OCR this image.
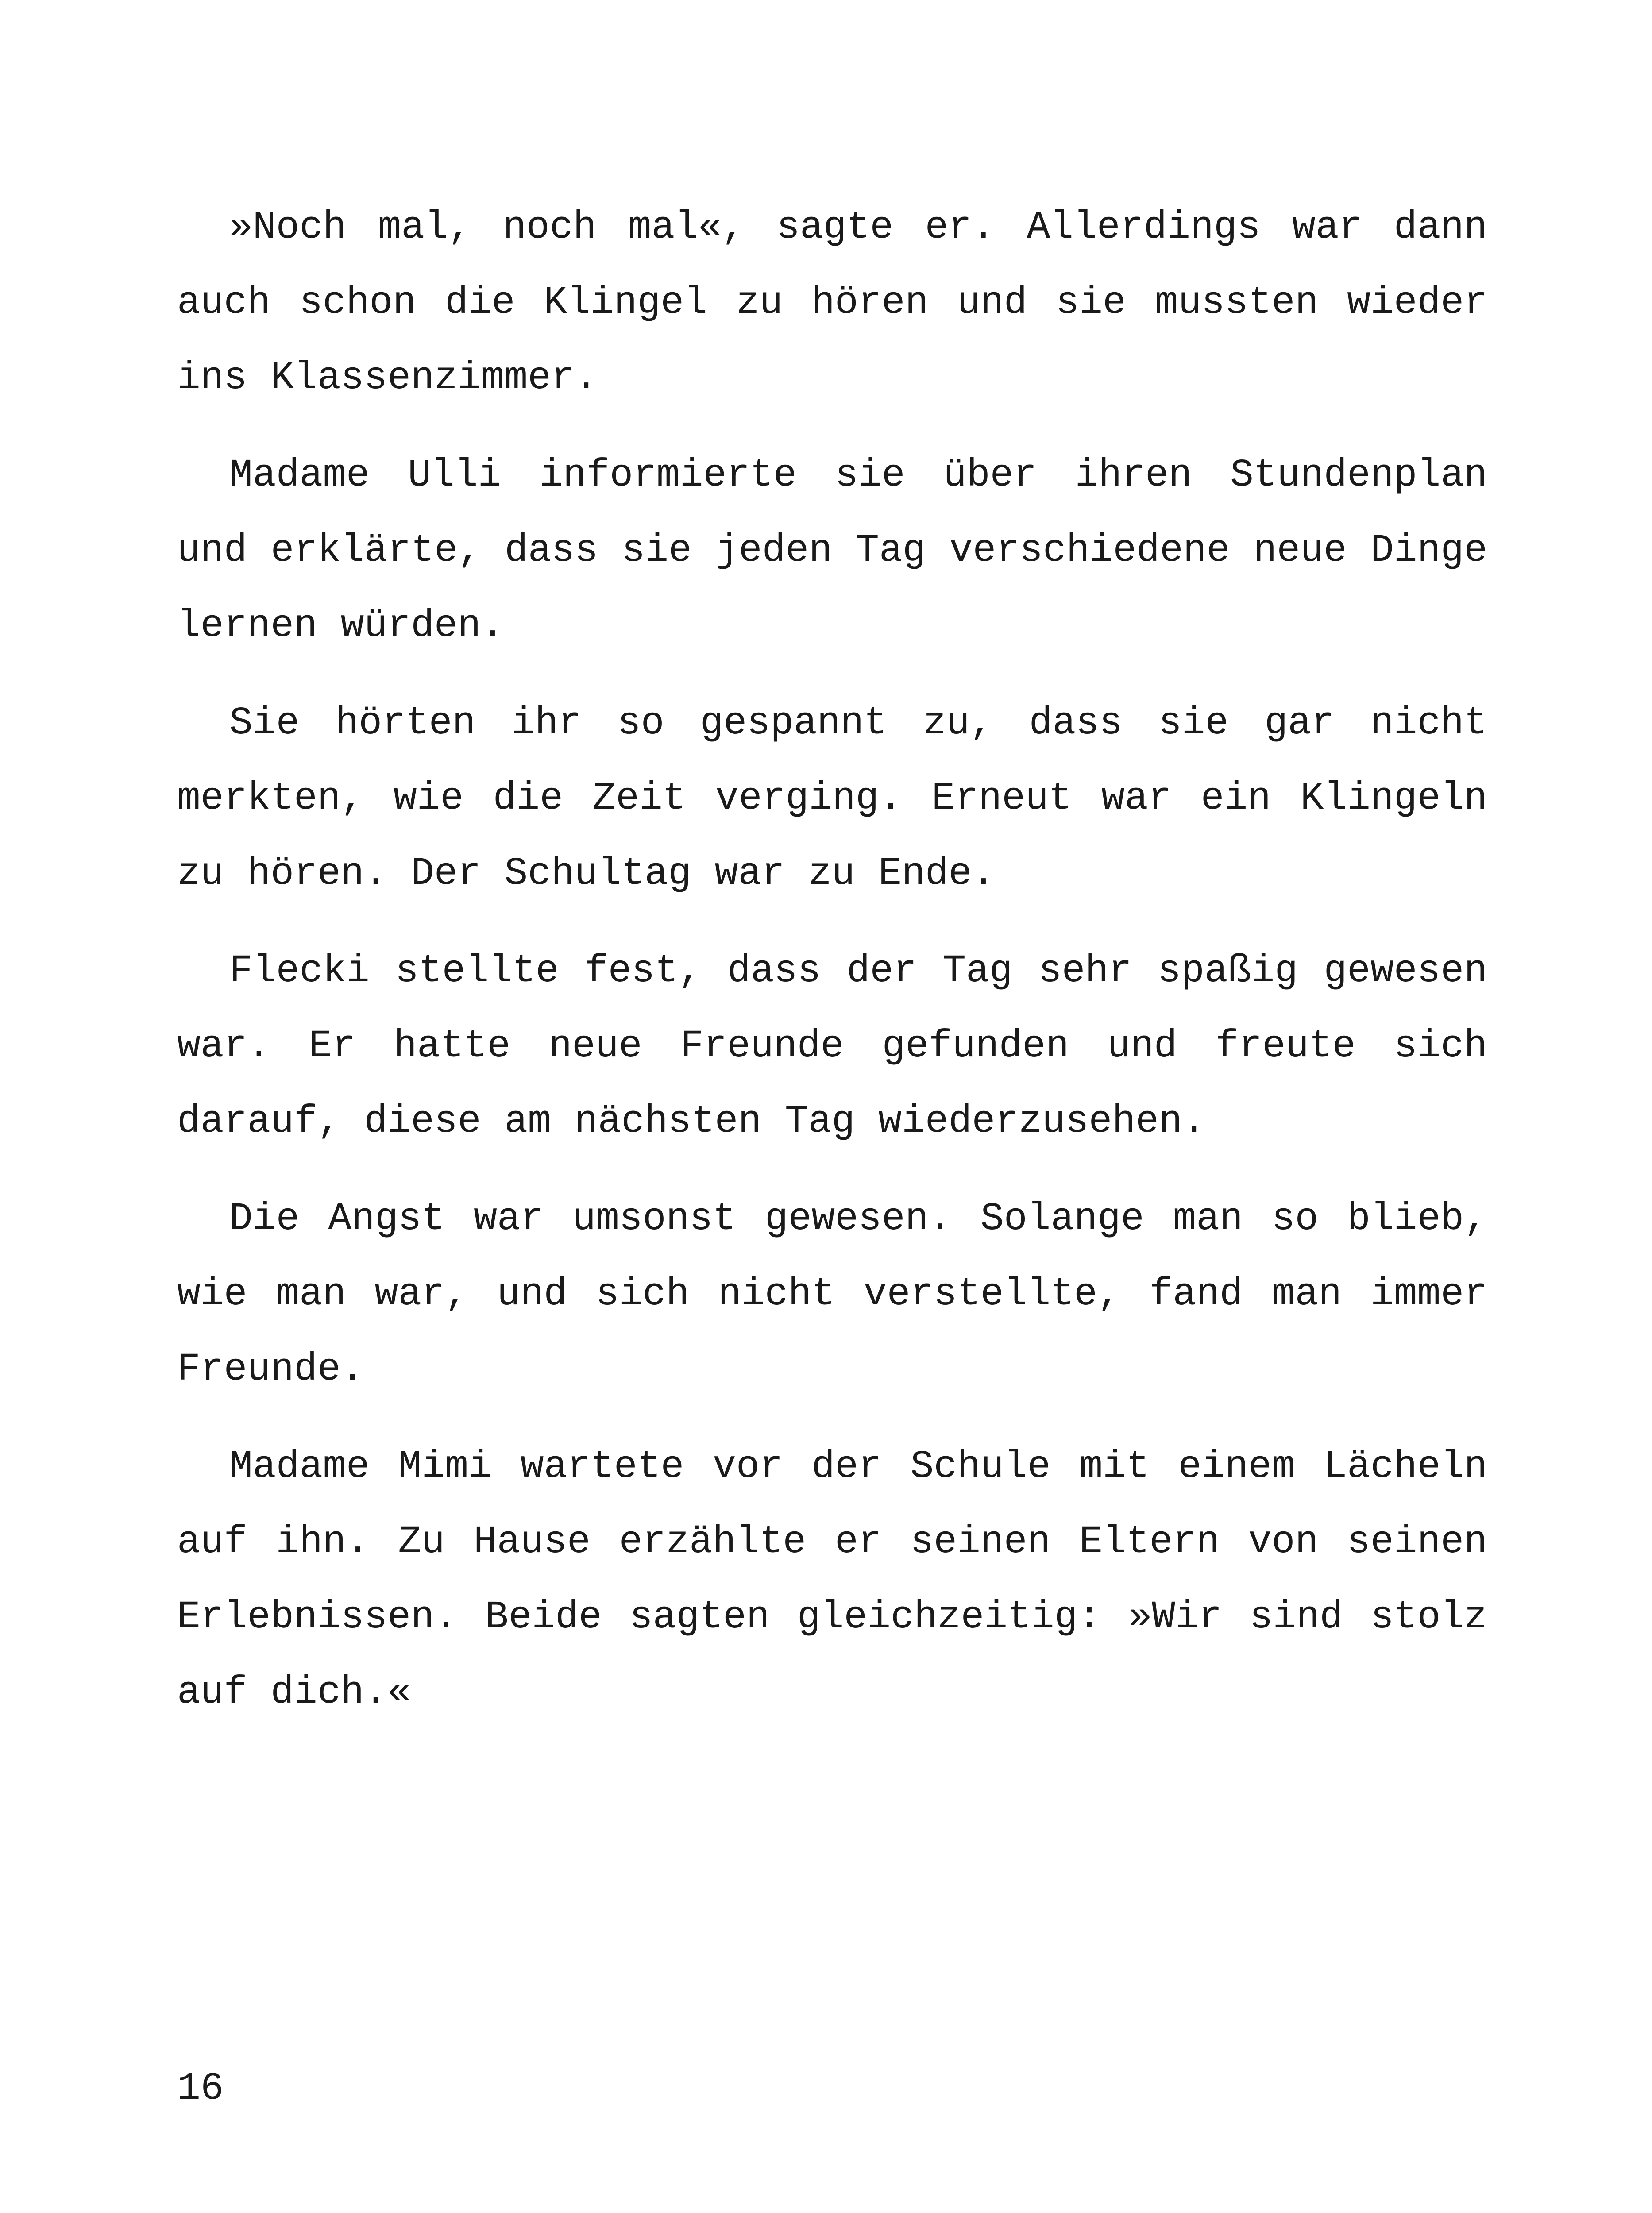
»Noch mal, noch mal«, sagte er. Allerdings war dann auch schon die Klingel zu hören und sie mussten wieder ins Klassenzimmer.

Madame Ulli informierte sie über ihren Stundenplan und erklärte, dass sie jeden Tag verschiedene neue Dinge lernen würden.

Sie hörten ihr so gespannt zu, dass sie gar nicht merkten, wie die Zeit verging. Erneut war ein Klingeln zu hören. Der Schultag war zu Ende.

Flecki stellte fest, dass der Tag sehr spaßig gewesen war. Er hatte neue Freunde gefunden und freute sich darauf, diese am nächsten Tag wiederzusehen.

Die Angst war umsonst gewesen. Solange man so blieb, wie man war, und sich nicht verstellte, fand man immer Freunde.

Madame Mimi wartete vor der Schule mit einem Lächeln auf ihn. Zu Hause erzählte er seinen Eltern von seinen Erlebnissen. Beide sagten gleichzeitig: »Wir sind stolz auf dich.«

16
